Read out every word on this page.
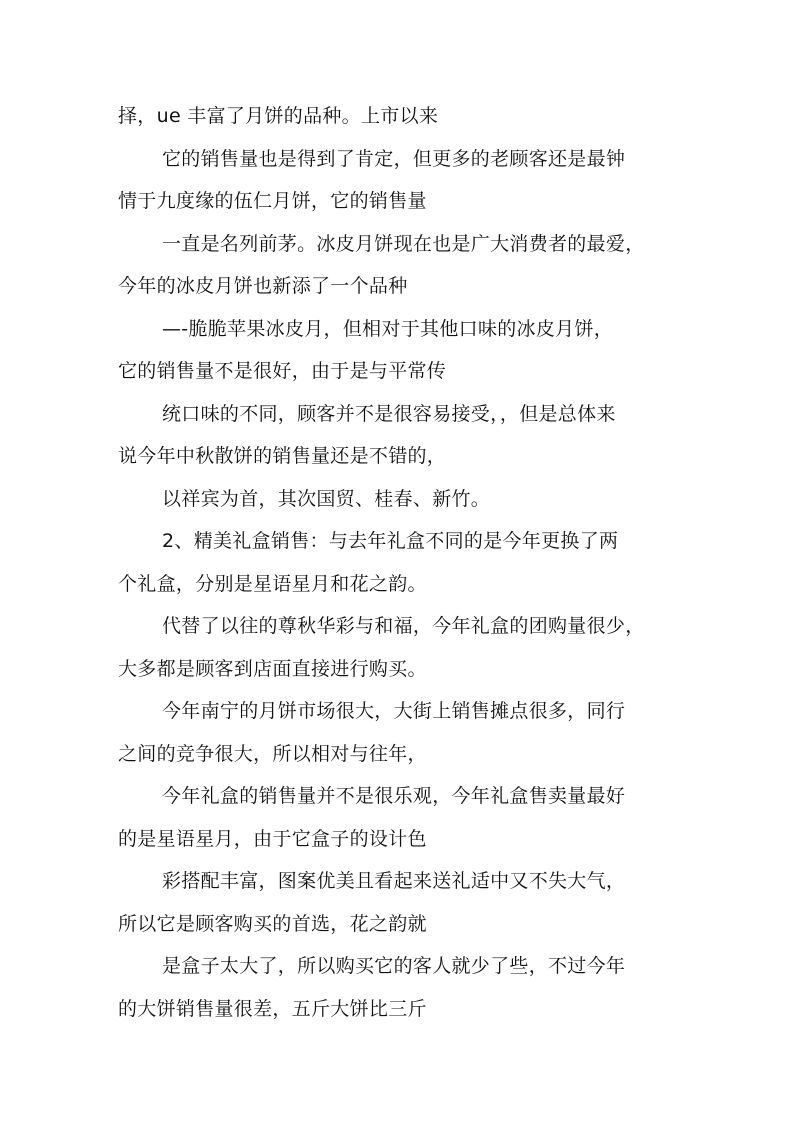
择，ue 丰富了月饼的品种。上市以来
它的销售量也是得到了肯定，但更多的老顾客还是最钟
情于九度缘的伍仁月饼，它的销售量
一直是名列前茅。冰皮月饼现在也是广大消费者的最爱，
今年的冰皮月饼也新添了一个品种
—-脆脆苹果冰皮月，但相对于其他口味的冰皮月饼，
它的销售量不是很好，由于是与平常传
统口味的不同，顾客并不是很容易接受，，但是总体来
说今年中秋散饼的销售量还是不错的，
以祥宾为首，其次国贸、桂春、新竹。
2、精美礼盒销售：与去年礼盒不同的是今年更换了两
个礼盒，分别是星语星月和花之韵。
代替了以往的尊秋华彩与和福，今年礼盒的团购量很少，
大多都是顾客到店面直接进行购买。
今年南宁的月饼市场很大，大街上销售摊点很多，同行
之间的竞争很大，所以相对与往年，
今年礼盒的销售量并不是很乐观，今年礼盒售卖量最好
的是星语星月，由于它盒子的设计色
彩搭配丰富，图案优美且看起来送礼适中又不失大气，
所以它是顾客购买的首选，花之韵就
是盒子太大了，所以购买它的客人就少了些，不过今年
的大饼销售量很差，五斤大饼比三斤
